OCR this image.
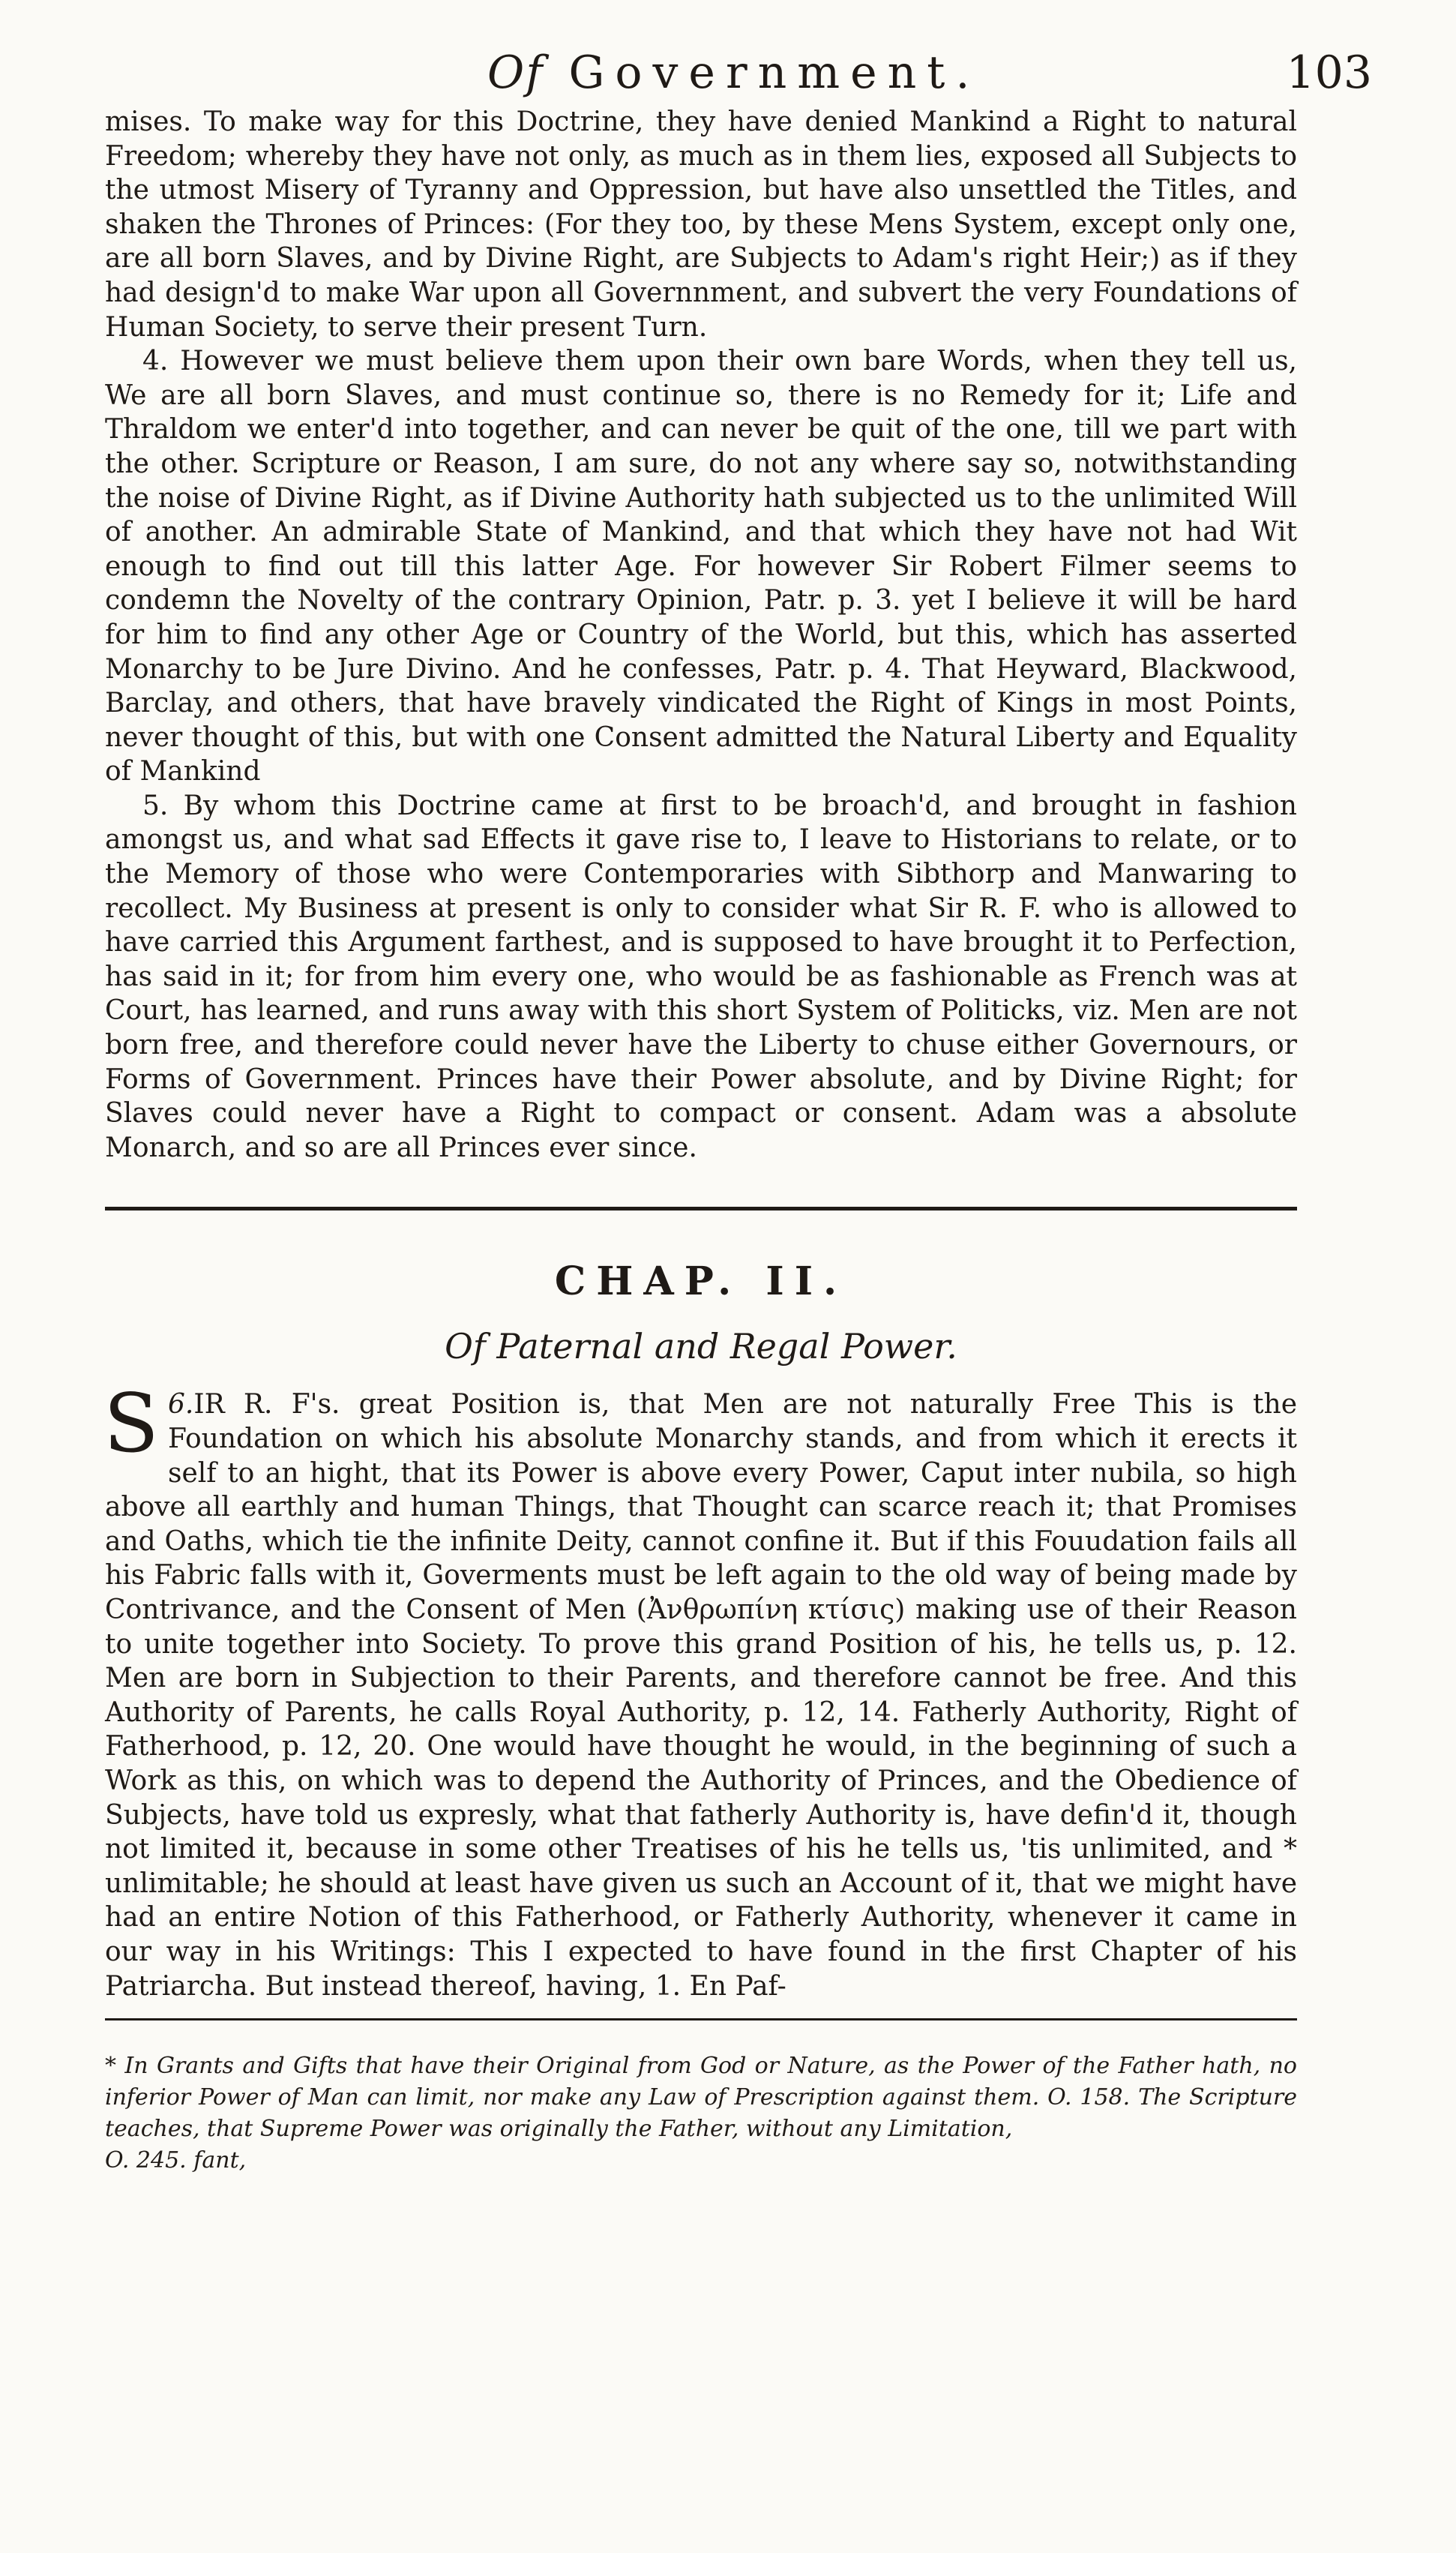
Of Government.	103

mises. To make way for this Doctrine, they have denied Mankind a Right to natural Freedom; whereby they have not only, as much as in them lies, exposed all Subjects to the utmost Misery of Tyranny and Oppression, but have also unsettled the Titles, and shaken the Thrones of Princes: (For they too, by these Mens System, except only one, are all born Slaves, and by Divine Right, are Subjects to Adam's right Heir;) as if they had design'd to make War upon all Governnment, and subvert the very Foundations of Human Society, to serve their present Turn.

4. However we must believe them upon their own bare Words, when they tell us, We are all born Slaves, and must continue so, there is no Remedy for it; Life and Thraldom we enter'd into together, and can never be quit of the one, till we part with the other. Scripture or Reason, I am sure, do not any where say so, notwithstanding the noise of Divine Right, as if Divine Authority hath subjected us to the unlimited Will of another. An admirable State of Mankind, and that which they have not had Wit enough to find out till this latter Age. For however Sir Robert Filmer seems to condemn the Novelty of the contrary Opinion, Patr. p. 3. yet I believe it will be hard for him to find any other Age or Country of the World, but this, which has asserted Monarchy to be Jure Divino. And he confesses, Patr. p. 4. That Heyward, Blackwood, Barclay, and others, that have bravely vindicated the Right of Kings in most Points, never thought of this, but with one Consent admitted the Natural Liberty and Equality of Mankind

5. By whom this Doctrine came at first to be broach'd, and brought in fashion amongst us, and what sad Effects it gave rise to, I leave to Historians to relate, or to the Memory of those who were Contemporaries with Sibthorp and Manwaring to recollect. My Business at present is only to consider what Sir R. F. who is allowed to have carried this Argument farthest, and is supposed to have brought it to Perfection, has said in it; for from him every one, who would be as fashionable as French was at Court, has learned, and runs away with this short System of Politicks, viz. Men are not born free, and therefore could never have the Liberty to chuse either Governours, or Forms of Government. Princes have their Power absolute, and by Divine Right; for Slaves could never have a Right to compact or consent. Adam was a absolute Monarch, and so are all Princes ever since.

CHAP. II.
Of Paternal and Regal Power.

6.
S IR R. F's. great Position is, that Men are not naturally Free This is the Foundation on which his absolute Monarchy stands, and from which it erects it self to an hight, that its Power is above every Power, Caput inter nubila, so high above all earthly and human Things, that Thought can scarce reach it; that Promises and Oaths, which tie the infinite Deity, cannot confine it. But if this Fouudation fails all his Fabric falls with it, Goverments must be left again to the old way of being made by Contrivance, and the Consent of Men (Ἀνθρωπίνη κτίσις) making use of their Reason to unite together into Society. To prove this grand Position of his, he tells us, p. 12. Men are born in Subjection to their Parents, and therefore cannot be free. And this Authority of Parents, he calls Royal Authority, p. 12, 14. Fatherly Authority, Right of Fatherhood, p. 12, 20. One would have thought he would, in the beginning of such a Work as this, on which was to depend the Authority of Princes, and the Obedience of Subjects, have told us expresly, what that fatherly Authority is, have defin'd it, though not limited it, because in some other Treatises of his he tells us, 'tis unlimited, and * unlimitable; he should at least have given us such an Account of it, that we might have had an entire Notion of this Fatherhood, or Fatherly Authority, whenever it came in our way in his Writings: This I expected to have found in the first Chapter of his Patriarcha. But instead thereof, having, 1. En Paf-

* In Grants and Gifts that have their Original from God or Nature, as the Power of the Father hath, no inferior Power of Man can limit, nor make any Law of Prescription against them. O. 158. The Scripture teaches, that Supreme Power was originally the Father, without any Limitation,

O. 245. fant,
